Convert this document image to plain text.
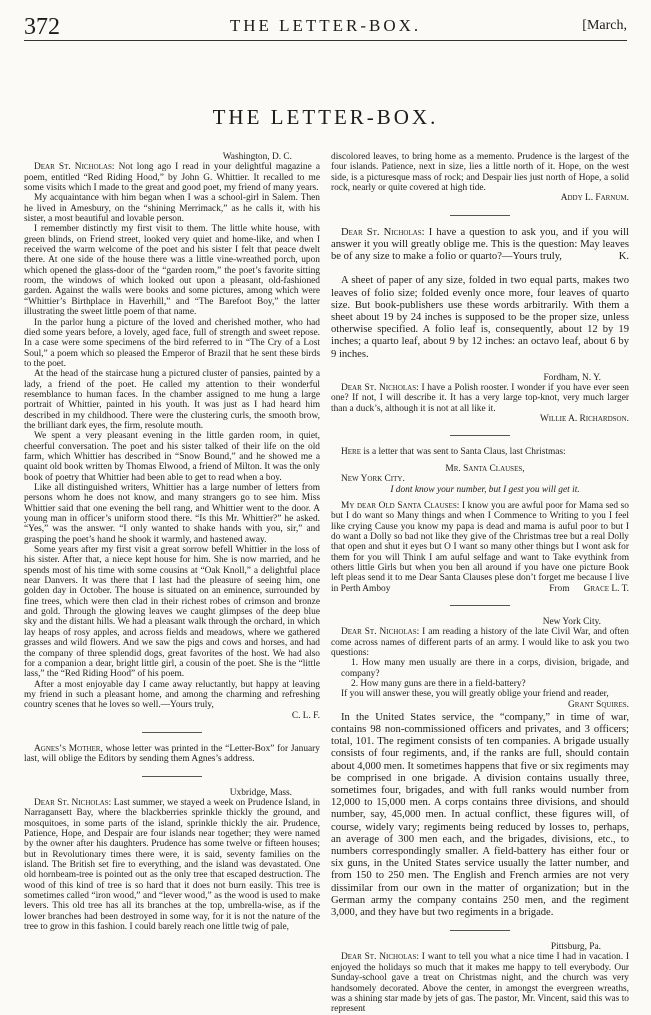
372	THE LETTER-BOX.	[March,
THE LETTER-BOX.

Washington, D. C.

Dear St. Nicholas: Not long ago I read in your delightful magazine a poem, entitled “Red Riding Hood,” by John G. Whittier. It recalled to me some visits which I made to the great and good poet, my friend of many years.

My acquaintance with him began when I was a school-girl in Salem. Then he lived in Amesbury, on the “shining Merrimack,” as he calls it, with his sister, a most beautiful and lovable person.

I remember distinctly my first visit to them. The little white house, with green blinds, on Friend street, looked very quiet and home-like, and when I received the warm welcome of the poet and his sister I felt that peace dwelt there. At one side of the house there was a little vine-wreathed porch, upon which opened the glass-door of the “garden room,” the poet’s favorite sitting room, the windows of which looked out upon a pleasant, old-fashioned garden. Against the walls were books and some pictures, among which were “Whittier’s Birthplace in Haverhill,” and “The Barefoot Boy,” the latter illustrating the sweet little poem of that name.

In the parlor hung a picture of the loved and cherished mother, who had died some years before, a lovely, aged face, full of strength and sweet repose. In a case were some specimens of the bird referred to in “The Cry of a Lost Soul,” a poem which so pleased the Emperor of Brazil that he sent these birds to the poet.

At the head of the staircase hung a pictured cluster of pansies, painted by a lady, a friend of the poet. He called my attention to their wonderful resemblance to human faces. In the chamber assigned to me hung a large portrait of Whittier, painted in his youth. It was just as I had heard him described in my childhood. There were the clustering curls, the smooth brow, the brilliant dark eyes, the firm, resolute mouth.

We spent a very pleasant evening in the little garden room, in quiet, cheerful conversation. The poet and his sister talked of their life on the old farm, which Whittier has described in “Snow Bound,” and he showed me a quaint old book written by Thomas Elwood, a friend of Milton. It was the only book of poetry that Whittier had been able to get to read when a boy.

Like all distinguished writers, Whittier has a large number of letters from persons whom he does not know, and many strangers go to see him. Miss Whittier said that one evening the bell rang, and Whittier went to the door. A young man in officer’s uniform stood there. “Is this Mr. Whittier?” he asked. “Yes,” was the answer. “I only wanted to shake hands with you, sir,” and grasping the poet’s hand he shook it warmly, and hastened away.

Some years after my first visit a great sorrow befell Whittier in the loss of his sister. After that, a niece kept house for him. She is now married, and he spends most of his time with some cousins at “Oak Knoll,” a delightful place near Danvers. It was there that I last had the pleasure of seeing him, one golden day in October. The house is situated on an eminence, surrounded by fine trees, which were then clad in their richest robes of crimson and bronze and gold. Through the glowing leaves we caught glimpses of the deep blue sky and the distant hills. We had a pleasant walk through the orchard, in which lay heaps of rosy apples, and across fields and meadows, where we gathered grasses and wild flowers. And we saw the pigs and cows and horses, and had the company of three splendid dogs, great favorites of the host. We had also for a companion a dear, bright little girl, a cousin of the poet. She is the “little lass,” the “Red Riding Hood” of his poem.

After a most enjoyable day I came away reluctantly, but happy at leaving my friend in such a pleasant home, and among the charming and refreshing country scenes that he loves so well.—Yours truly,

C. L. F.

Agnes’s Mother, whose letter was printed in the “Letter-Box” for January last, will oblige the Editors by sending them Agnes’s address.

Uxbridge, Mass.

Dear St. Nicholas: Last summer, we stayed a week on Prudence Island, in Narragansett Bay, where the blackberries sprinkle thickly the ground, and mosquitoes, in some parts of the island, sprinkle thickly the air. Prudence, Patience, Hope, and Despair are four islands near together; they were named by the owner after his daughters. Prudence has some twelve or fifteen houses; but in Revolutionary times there were, it is said, seventy families on the island. The British set fire to everything, and the island was devastated. One old hornbeam-tree is pointed out as the only tree that escaped destruction. The wood of this kind of tree is so hard that it does not burn easily. This tree is sometimes called “iron wood,” and “lever wood,” as the wood is used to make levers. This old tree has all its branches at the top, umbrella-wise, as if the lower branches had been destroyed in some way, for it is not the nature of the tree to grow in this fashion. I could barely reach one little twig of pale,

discolored leaves, to bring home as a memento. Prudence is the largest of the four islands. Patience, next in size, lies a little north of it. Hope, on the west side, is a picturesque mass of rock; and Despair lies just north of Hope, a solid rock, nearly or quite covered at high tide.

Addy L. Farnum.

Dear St. Nicholas: I have a question to ask you, and if you will answer it you will greatly oblige me. This is the question: May leaves be of any size to make a folio or quarto?—Yours truly,	K.

A sheet of paper of any size, folded in two equal parts, makes two leaves of folio size; folded evenly once more, four leaves of quarto size. But book-publishers use these words arbitrarily. With them a sheet about 19 by 24 inches is supposed to be the proper size, unless otherwise specified. A folio leaf is, consequently, about 12 by 19 inches; a quarto leaf, about 9 by 12 inches: an octavo leaf, about 6 by 9 inches.

Fordham, N. Y.

Dear St. Nicholas: I have a Polish rooster. I wonder if you have ever seen one? If not, I will describe it. It has a very large top-knot, very much larger than a duck’s, although it is not at all like it.

Willie A. Richardson.

Here is a letter that was sent to Santa Claus, last Christmas:

Mr. Santa Clauses,

New York City.

I dont know your number, but I gest you will get it.

My dear Old Santa Clauses: I know you are awful poor for Mama sed so but I do want so Many things and when I Commence to Writing to you I feel like crying Cause you know my papa is dead and mama is auful poor to but I do want a Dolly so bad not like they give of the Christmas tree but a real Dolly that open and shut it eyes but O I want so many other things but I wont ask for them for you will Think I am auful selfage and want to Take evythink from others little Girls but when you ben all around if you have one picture Book left pleas send it to me Dear Santa Clauses plese don’t forget me because I live in Perth Amboy	From Grace L. T.

New York City.

Dear St. Nicholas: I am reading a history of the late Civil War, and often come across names of different parts of an army. I would like to ask you two questions:

1. How many men usually are there in a corps, division, brigade, and company?

2. How many guns are there in a field-battery?

If you will answer these, you will greatly oblige your friend and reader,
Grant Squires.

In the United States service, the “company,” in time of war, contains 98 non-commissioned officers and privates, and 3 officers; total, 101. The regiment consists of ten companies. A brigade usually consists of four regiments, and, if the ranks are full, should contain about 4,000 men. It sometimes happens that five or six regiments may be comprised in one brigade. A division contains usually three, sometimes four, brigades, and with full ranks would number from 12,000 to 15,000 men. A corps contains three divisions, and should number, say, 45,000 men. In actual conflict, these figures will, of course, widely vary; regiments being reduced by losses to, perhaps, an average of 300 men each, and the brigades, divisions, etc., to numbers correspondingly smaller. A field-battery has either four or six guns, in the United States service usually the latter number, and from 150 to 250 men. The English and French armies are not very dissimilar from our own in the matter of organization; but in the German army the company contains 250 men, and the regiment 3,000, and they have but two regiments in a brigade.

Pittsburg, Pa.

Dear St. Nicholas: I want to tell you what a nice time I had in vacation. I enjoyed the holidays so much that it makes me happy to tell everybody. Our Sunday-school gave a treat on Christmas night, and the church was very handsomely decorated. Above the center, in amongst the evergreen wreaths, was a shining star made by jets of gas. The pastor, Mr. Vincent, said this was to represent
